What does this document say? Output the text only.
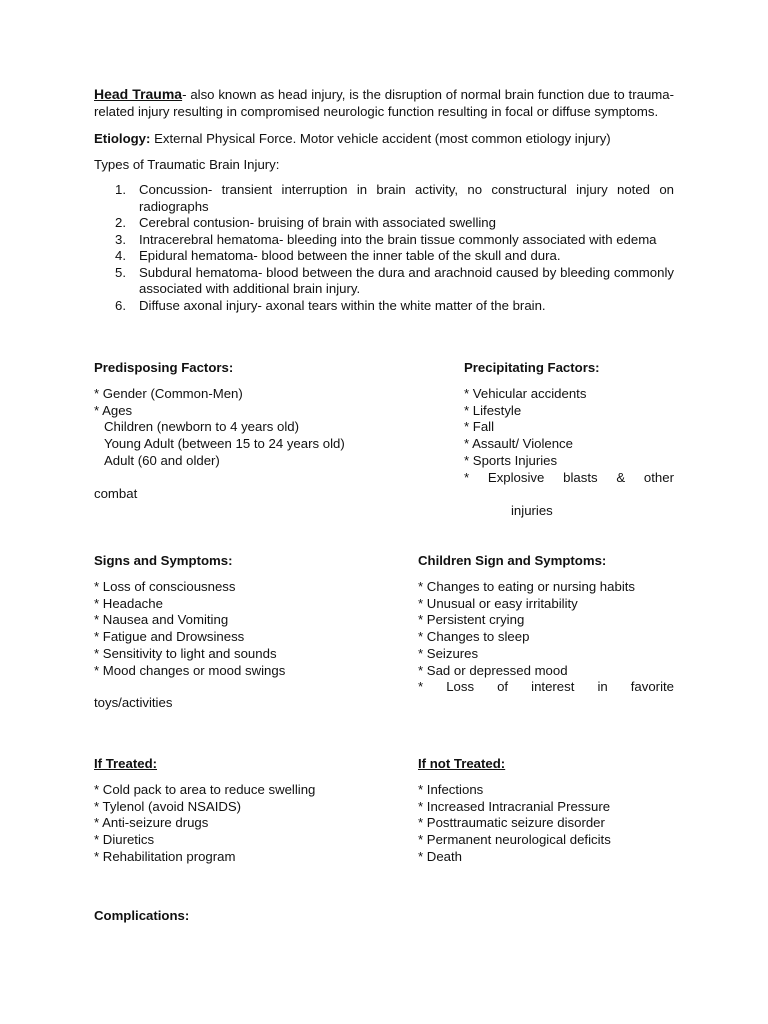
Head Trauma- also known as head injury, is the disruption of normal brain function due to trauma-related injury resulting in compromised neurologic function resulting in focal or diffuse symptoms.

Etiology: External Physical Force. Motor vehicle accident (most common etiology injury)

Types of Traumatic Brain Injury:

1. Concussion- transient interruption in brain activity, no constructural injury noted on radiographs
2. Cerebral contusion- bruising of brain with associated swelling
3. Intracerebral hematoma- bleeding into the brain tissue commonly associated with edema
4. Epidural hematoma- blood between the inner table of the skull and dura.
5. Subdural hematoma- blood between the dura and arachnoid caused by bleeding commonly associated with additional brain injury.
6. Diffuse axonal injury- axonal tears within the white matter of the brain.
Predisposing Factors:
* Gender (Common-Men)
* Ages
Children (newborn to 4 years old)
Young Adult (between 15 to 24 years old)
Adult (60 and older)
combat
Precipitating Factors:
* Vehicular accidents
* Lifestyle
* Fall
* Assault/ Violence
* Sports Injuries
* Explosive blasts & other
injuries
Signs and Symptoms:
* Loss of consciousness
* Headache
* Nausea and Vomiting
* Fatigue and Drowsiness
* Sensitivity to light and sounds
* Mood changes or mood swings
toys/activities
Children Sign and Symptoms:
* Changes to eating or nursing habits
* Unusual or easy irritability
* Persistent crying
* Changes to sleep
* Seizures
* Sad or depressed mood
* Loss of interest in favorite
If Treated:
* Cold pack to area to reduce swelling
* Tylenol (avoid NSAIDS)
* Anti-seizure drugs
* Diuretics
* Rehabilitation program
If not Treated:
* Infections
* Increased Intracranial Pressure
* Posttraumatic seizure disorder
* Permanent neurological deficits
* Death
Complications:
